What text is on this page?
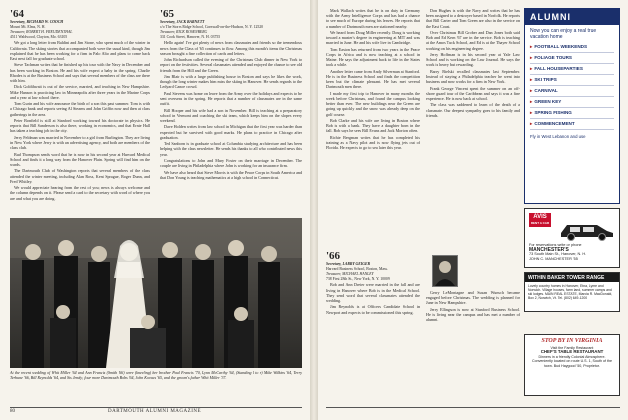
'64
Secretary, RICHARD W. COOCH
Mount Mt. Elms, N. H.
Treasurer, ROBERT H. FREUDENTHAL
4511 Waldwood, Clayton, Mo. 63105

We got a long letter from Baldini and Jim Stone, who spent much of the winter in California. The skiing stories that accompanied both were the usual kind, though Jim explained that he has been working for a firm in Palo Alto and plans to come back East next fall for graduate school.

Steve Tachman writes that he finished up his tour with the Navy in December and has been working in Boston. He and his wife expect a baby in the spring. Charlie Rhodes is at the Business School and says that several members of the class are there with him.

Dick Goldthwait is out of the service, married, and teaching in New Hampshire. Mike Hanson is practicing law in Minneapolis after three years in the Marine Corps and a year at law school there.

Tom Gurin and his wife announce the birth of a son this past summer. Tom is with a Chicago bank and reports seeing Al Stearns and John Griffin now and then at class gatherings in the area.

Peter Bonfield is still at Stanford working toward his doctorate in physics. He reports that Bill Sanderson is also there, working in economics, and that Ernie Hall has taken a teaching job in the city.

Jerry Feldman was married in November to a girl from Burlington. They are living in New York where Jerry is with an advertising agency, and both are members of the class club.

Bud Thompson sends word that he is now in his second year at Harvard Medical School and finds it a long way from the Hanover Plain. Spring will find him on the wards.

The Dartmouth Club of Washington reports that several members of the class attended the winter meeting, including Alan Ross, Kent Sprague, Roger Dunn, and Fred Whitley.

We would appreciate hearing from the rest of you; news is always welcome and the column depends on it. Please send a card to the secretary with word of where you are and what you are doing.

'65
Secretary, JACK BARNETT
c/o The Storrs Ridge School, Cornwall-on-the-Hudson, N. Y. 12520
Treasurer, RICK ROSENBERG
331 Cook Street, Hanover, N. H. 03755

Hello again! I've got plenty of news from classmates and friends so the tremendous news from the Class of '65 continues to flow. Among this month's items the Christmas season brought a fine collection of cards and letters.

John Richardson called the evening of the Christmas Club dinner in New York to report on the festivities. Several classmates attended and enjoyed the chance to see old friends from the Hill and the Green.

Jim Blair is with a large publishing house in Boston and says he likes the work, though the long winter makes him miss the skiing in Hanover. He sends regards to the Ledyard Canoe crowd.

Paul Stevens was home on leave from the Army over the holidays and expects to be sent overseas in the spring. He reports that a number of classmates are in the same outfit.

Bill Hooper and his wife had a son in November. Bill is teaching at a preparatory school in Vermont and coaching the ski team, which keeps him on the slopes every weekend.

Dave Holden writes from law school in Michigan that the first year was harder than expected but he survived with good marks. He plans to practice in Chicago after graduation.

Ted Sanborn is in graduate school at Columbia studying architecture and has been helping with the class newsletter. He sends his thanks to all who contributed news this year.

Congratulations to John and Mary Foster on their marriage in December. The couple are living in Philadelphia where John is working for an insurance firm.

We have also heard that Steve Morris is with the Peace Corps in South America and that Don Young is teaching mathematics at a high school in Connecticut.

At the recent wedding of Whit Miller '64 and Ann Francis (Smith '66) were (kneeling) her brother Paul Francis '70, Lynn McCarthy '64, (Standing l to r) Mike Wilkins '64, Terry Terhune '66, Bill Reynolds '64, and Sis Jendy; four more Dartmouth Bobs '64, John Kovacs '65, and the groom's father Whit Miller '37.
80	DARTMOUTH ALUMNI MAGAZINE

Mark Wallach writes that he is on duty in Germany with the Army Intelligence Corps and has had a chance to see much of Europe during his leaves. He reports that a number of Dartmouth men are stationed nearby.

We heard from Doug Miller recently. Doug is working toward a master's degree in engineering at MIT and was married in June. He and his wife live in Cambridge.

Tom Easton has returned from two years in the Peace Corps in Africa and is now teaching at a school in Maine. He says the adjustment back to life in the States took a while.

Another letter came from Andy Silverman at Stanford. He is in the Business School and finds the competition keen but the climate pleasant. He has met several Dartmouth men there.

I made my first trip to Hanover in many months the week before Christmas, and found the campus looking better than ever. The new buildings near the Green are going up quickly and the snow was already deep on the golf course.

Bob Clarke and his wife are living in Boston where Bob is with a bank. They have a daughter born in the fall. Bob says he sees Bill Evans and Jack Morton often.

Richie Bergman writes that he has completed his training as a Navy pilot and is now flying jets out of Florida. He expects to go to sea later this year.

'66
Secretary, LARRY GEIGER
Harvard Business School, Boston, Mass.
Treasurer, MICHAEL HANLEY
738 First 28th St., New York, N. Y. 10009

Bob and Ann Dreier were married in the fall and are living in Hanover where Bob is in the Medical School. They send word that several classmates attended the wedding.

Jim Reynolds is at Officers Candidate School in Newport and expects to be commissioned this spring.

Don Hughes is with the Navy and writes that he has been assigned to a destroyer based in Norfolk. He reports that Bill Carter and Tom Green are also in the service on the East Coast.

Over Christmas Bill Grober and Dan Jones both said Bob and Ed Kern '67 are in the service. Bob is teaching at the Amos Tuck School, and Ed is at the Thayer School working on his engineering degree.

Jerry Hoffman is in his second year at Yale Law School and is working on the Law Journal. He says the work is heavy but rewarding.

Barry Bielski recalled classmates last September. Instead of staying a Philadelphia teacher he went into business and now works for a firm in New York.

Frank George Vincent spent the summer on an off-shore guard tour of the Caribbean and says it was a fine experience. He is now back at school.

The class was saddened to learn of the death of a classmate. Our deepest sympathy goes to his family and friends.

Gerry LeMontagne and Susan Wunsch became engaged before Christmas. The wedding is planned for June in New Hampshire.

Jerry Ellingson is now at Stanford Business School. He is living near the campus and has met a number of alumni.

ALUMNI
Now you can enjoy a real true vacation home
▸ FOOTBALL WEEKENDS
▸ FOLIAGE TOURS
▸ FALL HOUSEPARTIES
▸ SKI TRIPS
▸ CARNIVAL
▸ GREEN KEY
▸ SPRING FISHING
▸ COMMENCEMENT
Fly in West Lebanon and use
AVIS
RENT A CAR
For reservations write or phone
MANCHESTER'S
73 South Main St., Hanover, N. H.
JOHN C. MANCHESTER '55
WITHIN BAKER TOWER RANGE
Lovely country homes in Hanover, Etna, Lyme and Norwich. Village houses, farm land, summer camps and ski lodges. MAIN REAL ESTATE, Marcia R. MacDonald, Box 2, Norwich, Vt. Tel. (802) 649-1200
STOP BY IN VIRGINIA
Visit the Family Restaurant
CHEF'S TABLE RESTAURANT
Dinners in a friendly Colonial Atmosphere. Conveniently located on route U.S. 1, South of the town. Bud Haygood '50, Proprietor.
